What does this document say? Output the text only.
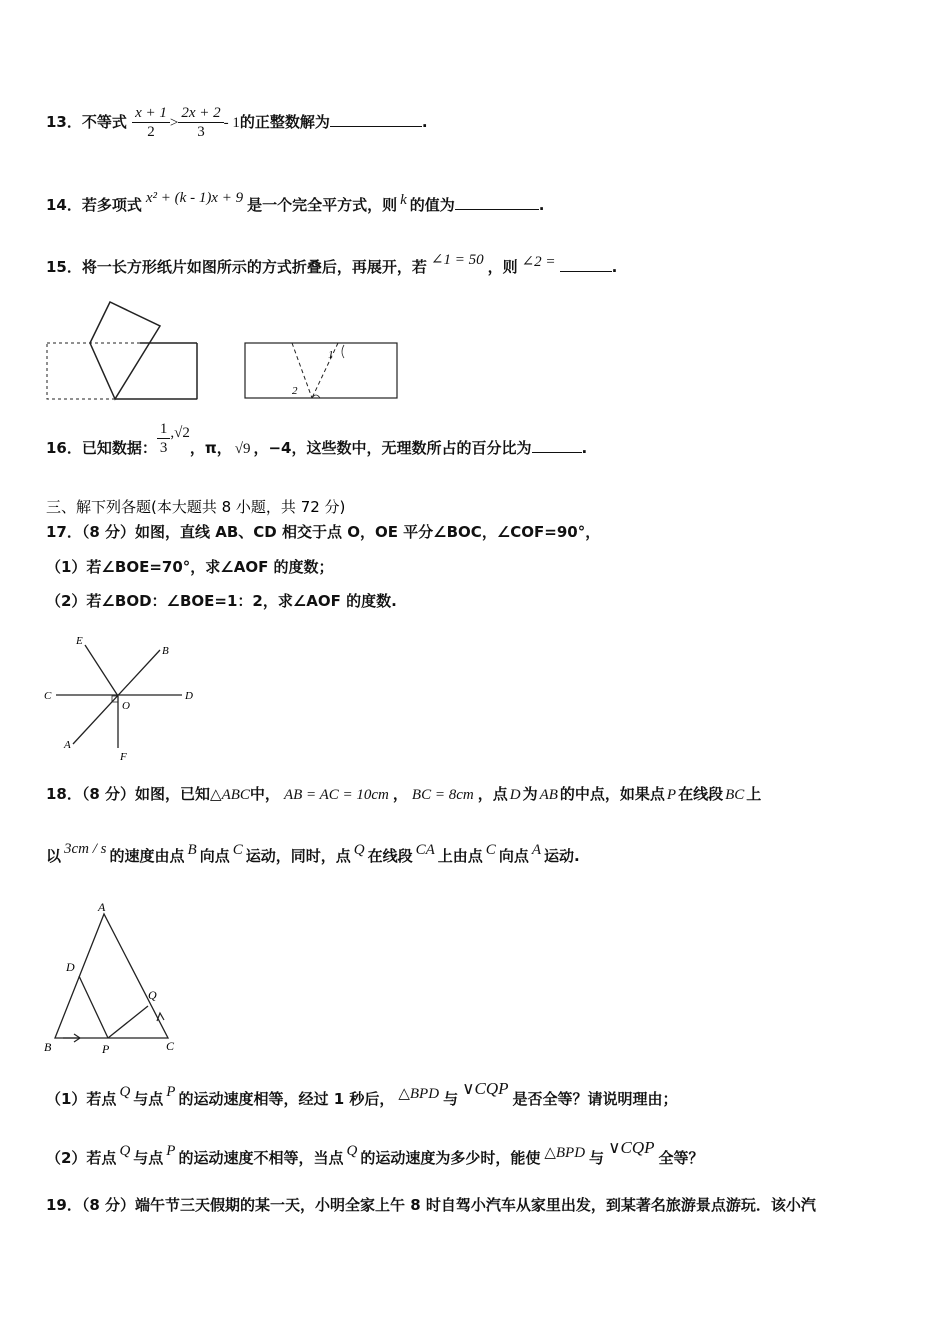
13．不等式 $\frac{x + 1}{2} > \frac{2x + 2}{3} - 1$的正整数解为	.
14．若多项式 x² + (k - 1)x + 9 是一个完全平方式，则 k 的值为	.
15．将一长方形纸片如图所示的方式折叠后，再展开，若 ∠1 = 50 ，则 ∠2 =	.
1
2
16．已知数据： $\frac{1}{3} ,√2$，π， √9 ，−4，这些数中，无理数所占的百分比为	.
三、解下列各题(本大题共 8 小题，共 72 分)
17．（8 分）如图，直线 AB、CD 相交于点 O，OE 平分∠BOC，∠COF=90°，
（1）若∠BOE=70°，求∠AOF 的度数；
（2）若∠BOD：∠BOE=1：2，求∠AOF 的度数.
E
B
C
O
D
A
F
18．（8 分）如图，已知△ABC中， AB = AC = 10cm ， BC = 8cm ，点 D 为 AB 的中点，如果点 P 在线段 BC 上
以 3cm / s 的速度由点 B 向点 C 运动，同时，点 Q 在线段 CA 上由点 C 向点 A 运动.
A
D
Q
B	P	C
（1）若点 Q 与点 P 的运动速度相等，经过 1 秒后， △BPD 与∨CQP是否全等？请说明理由；
（2）若点 Q 与点 P 的运动速度不相等，当点 Q 的运动速度为多少时，能使 △BPD 与∨CQP全等？
19．（8 分）端午节三天假期的某一天，小明全家上午 8 时自驾小汽车从家里出发，到某著名旅游景点游玩．该小汽
